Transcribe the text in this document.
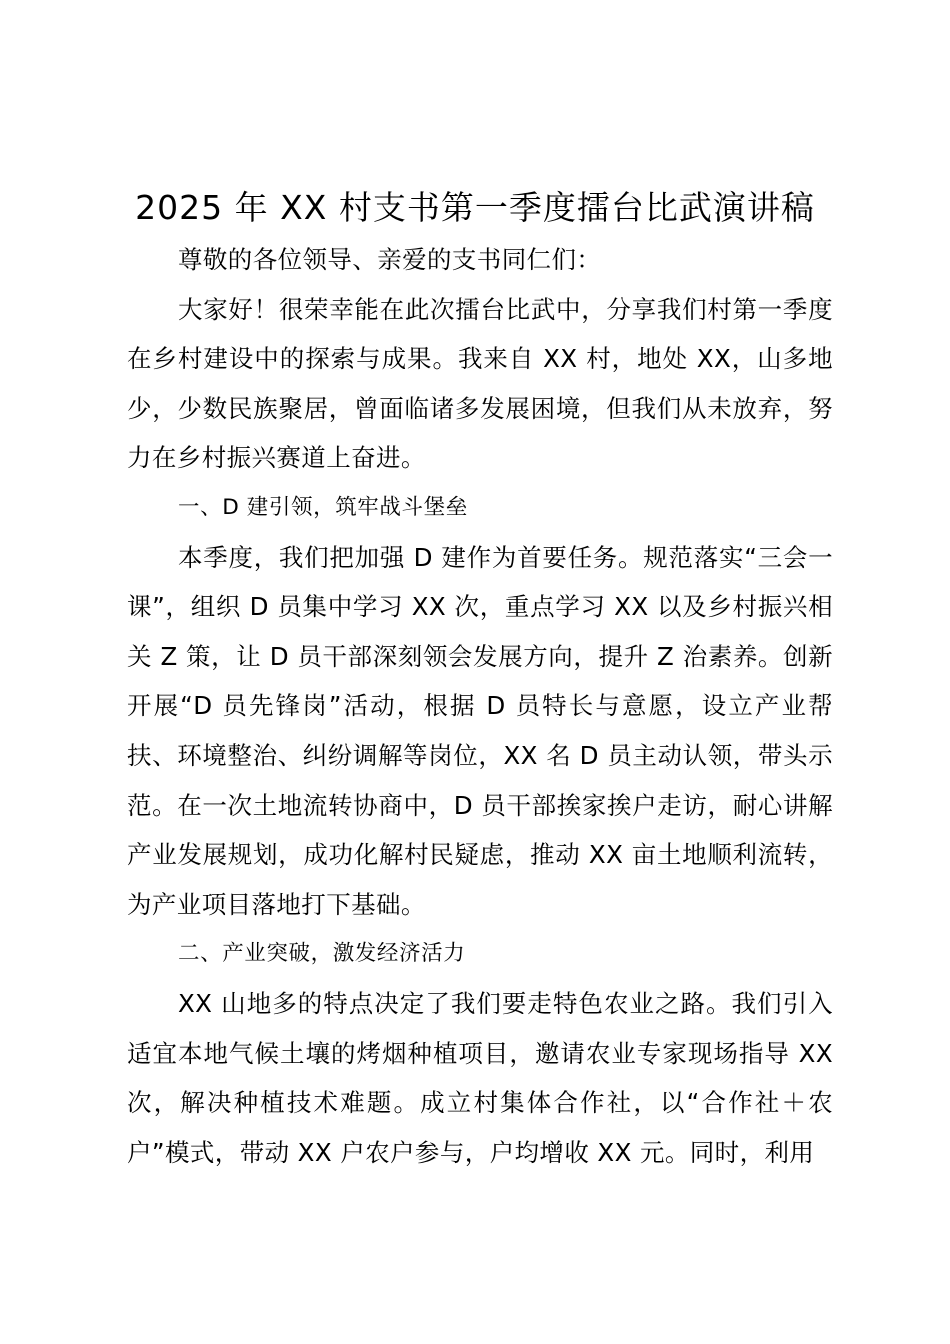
2025 年 XX 村支书第一季度擂台比武演讲稿

尊敬的各位领导、亲爱的支书同仁们：

大家好！很荣幸能在此次擂台比武中，分享我们村第一季度在乡村建设中的探索与成果。我来自 XX 村，地处 XX，山多地少，少数民族聚居，曾面临诸多发展困境，但我们从未放弃，努力在乡村振兴赛道上奋进。

一、D 建引领，筑牢战斗堡垒

本季度，我们把加强 D 建作为首要任务。规范落实“三会一课”，组织 D 员集中学习 XX 次，重点学习 XX 以及乡村振兴相关 Z 策，让 D 员干部深刻领会发展方向，提升 Z 治素养。创新开展“D 员先锋岗”活动，根据 D 员特长与意愿，设立产业帮扶、环境整治、纠纷调解等岗位，XX 名 D 员主动认领，带头示范。在一次土地流转协商中，D 员干部挨家挨户走访，耐心讲解产业发展规划，成功化解村民疑虑，推动 XX 亩土地顺利流转，为产业项目落地打下基础。

二、产业突破，激发经济活力

XX 山地多的特点决定了我们要走特色农业之路。我们引入适宜本地气候土壤的烤烟种植项目，邀请农业专家现场指导 XX 次，解决种植技术难题。成立村集体合作社，以“合作社＋农户”模式，带动 XX 户农户参与，户均增收 XX 元。同时，利用
